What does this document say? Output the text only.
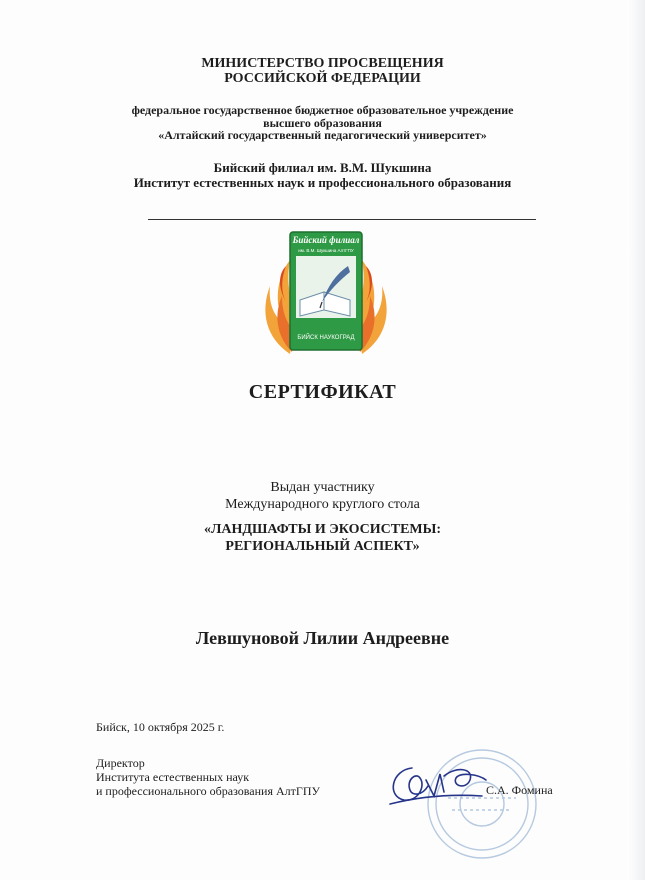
МИНИСТЕРСТВО ПРОСВЕЩЕНИЯ
РОССИЙСКОЙ ФЕДЕРАЦИИ
федеральное государственное бюджетное образовательное учреждение
высшего образования
«Алтайский государственный педагогический университет»
Бийский филиал им. В.М. Шукшина
Институт естественных наук и профессионального образования
Бийский филиал
им. В.М. Шукшина АлтГПУ
БИЙСК НАУКОГРАД
СЕРТИФИКАТ
Выдан участнику
Международного круглого стола
«ЛАНДШАФТЫ И ЭКОСИСТЕМЫ:
РЕГИОНАЛЬНЫЙ АСПЕКТ»
Левшуновой Лилии Андреевне
Бийск, 10 октября 2025 г.
Директор
Института естественных наук
и профессионального образования АлтГПУ	С.А. Фомина
